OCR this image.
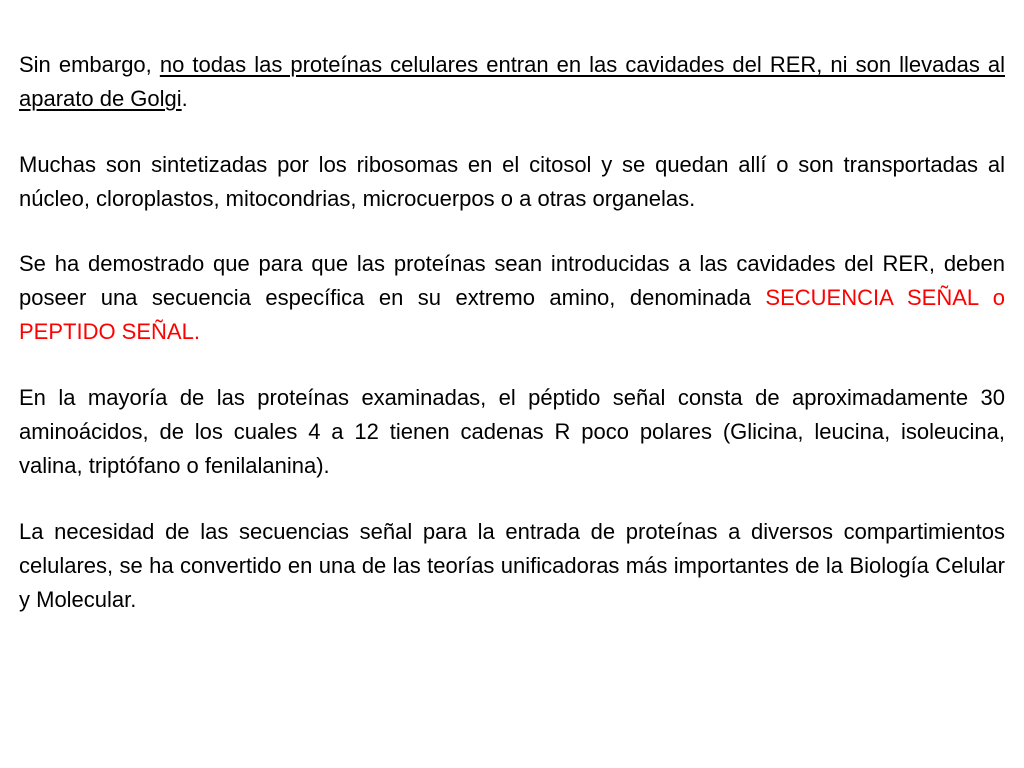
Sin embargo, no todas las proteínas celulares entran en las cavidades del RER, ni son llevadas al aparato de Golgi.

Muchas son sintetizadas por los ribosomas en el citosol y se quedan allí o son transportadas al núcleo, cloroplastos, mitocondrias, microcuerpos o a otras organelas.

Se ha demostrado que para que las proteínas sean introducidas a las cavidades del RER, deben poseer una secuencia específica en su extremo amino, denominada SECUENCIA SEÑAL o PEPTIDO SEÑAL.

En la mayoría de las proteínas examinadas, el péptido señal consta de aproximadamente 30 aminoácidos, de los cuales 4 a 12 tienen cadenas R poco polares (Glicina, leucina, isoleucina, valina, triptófano o fenilalanina).

La necesidad de las secuencias señal para la entrada de proteínas a diversos compartimientos celulares, se ha convertido en una de las teorías unificadoras más importantes de la Biología Celular y Molecular.
